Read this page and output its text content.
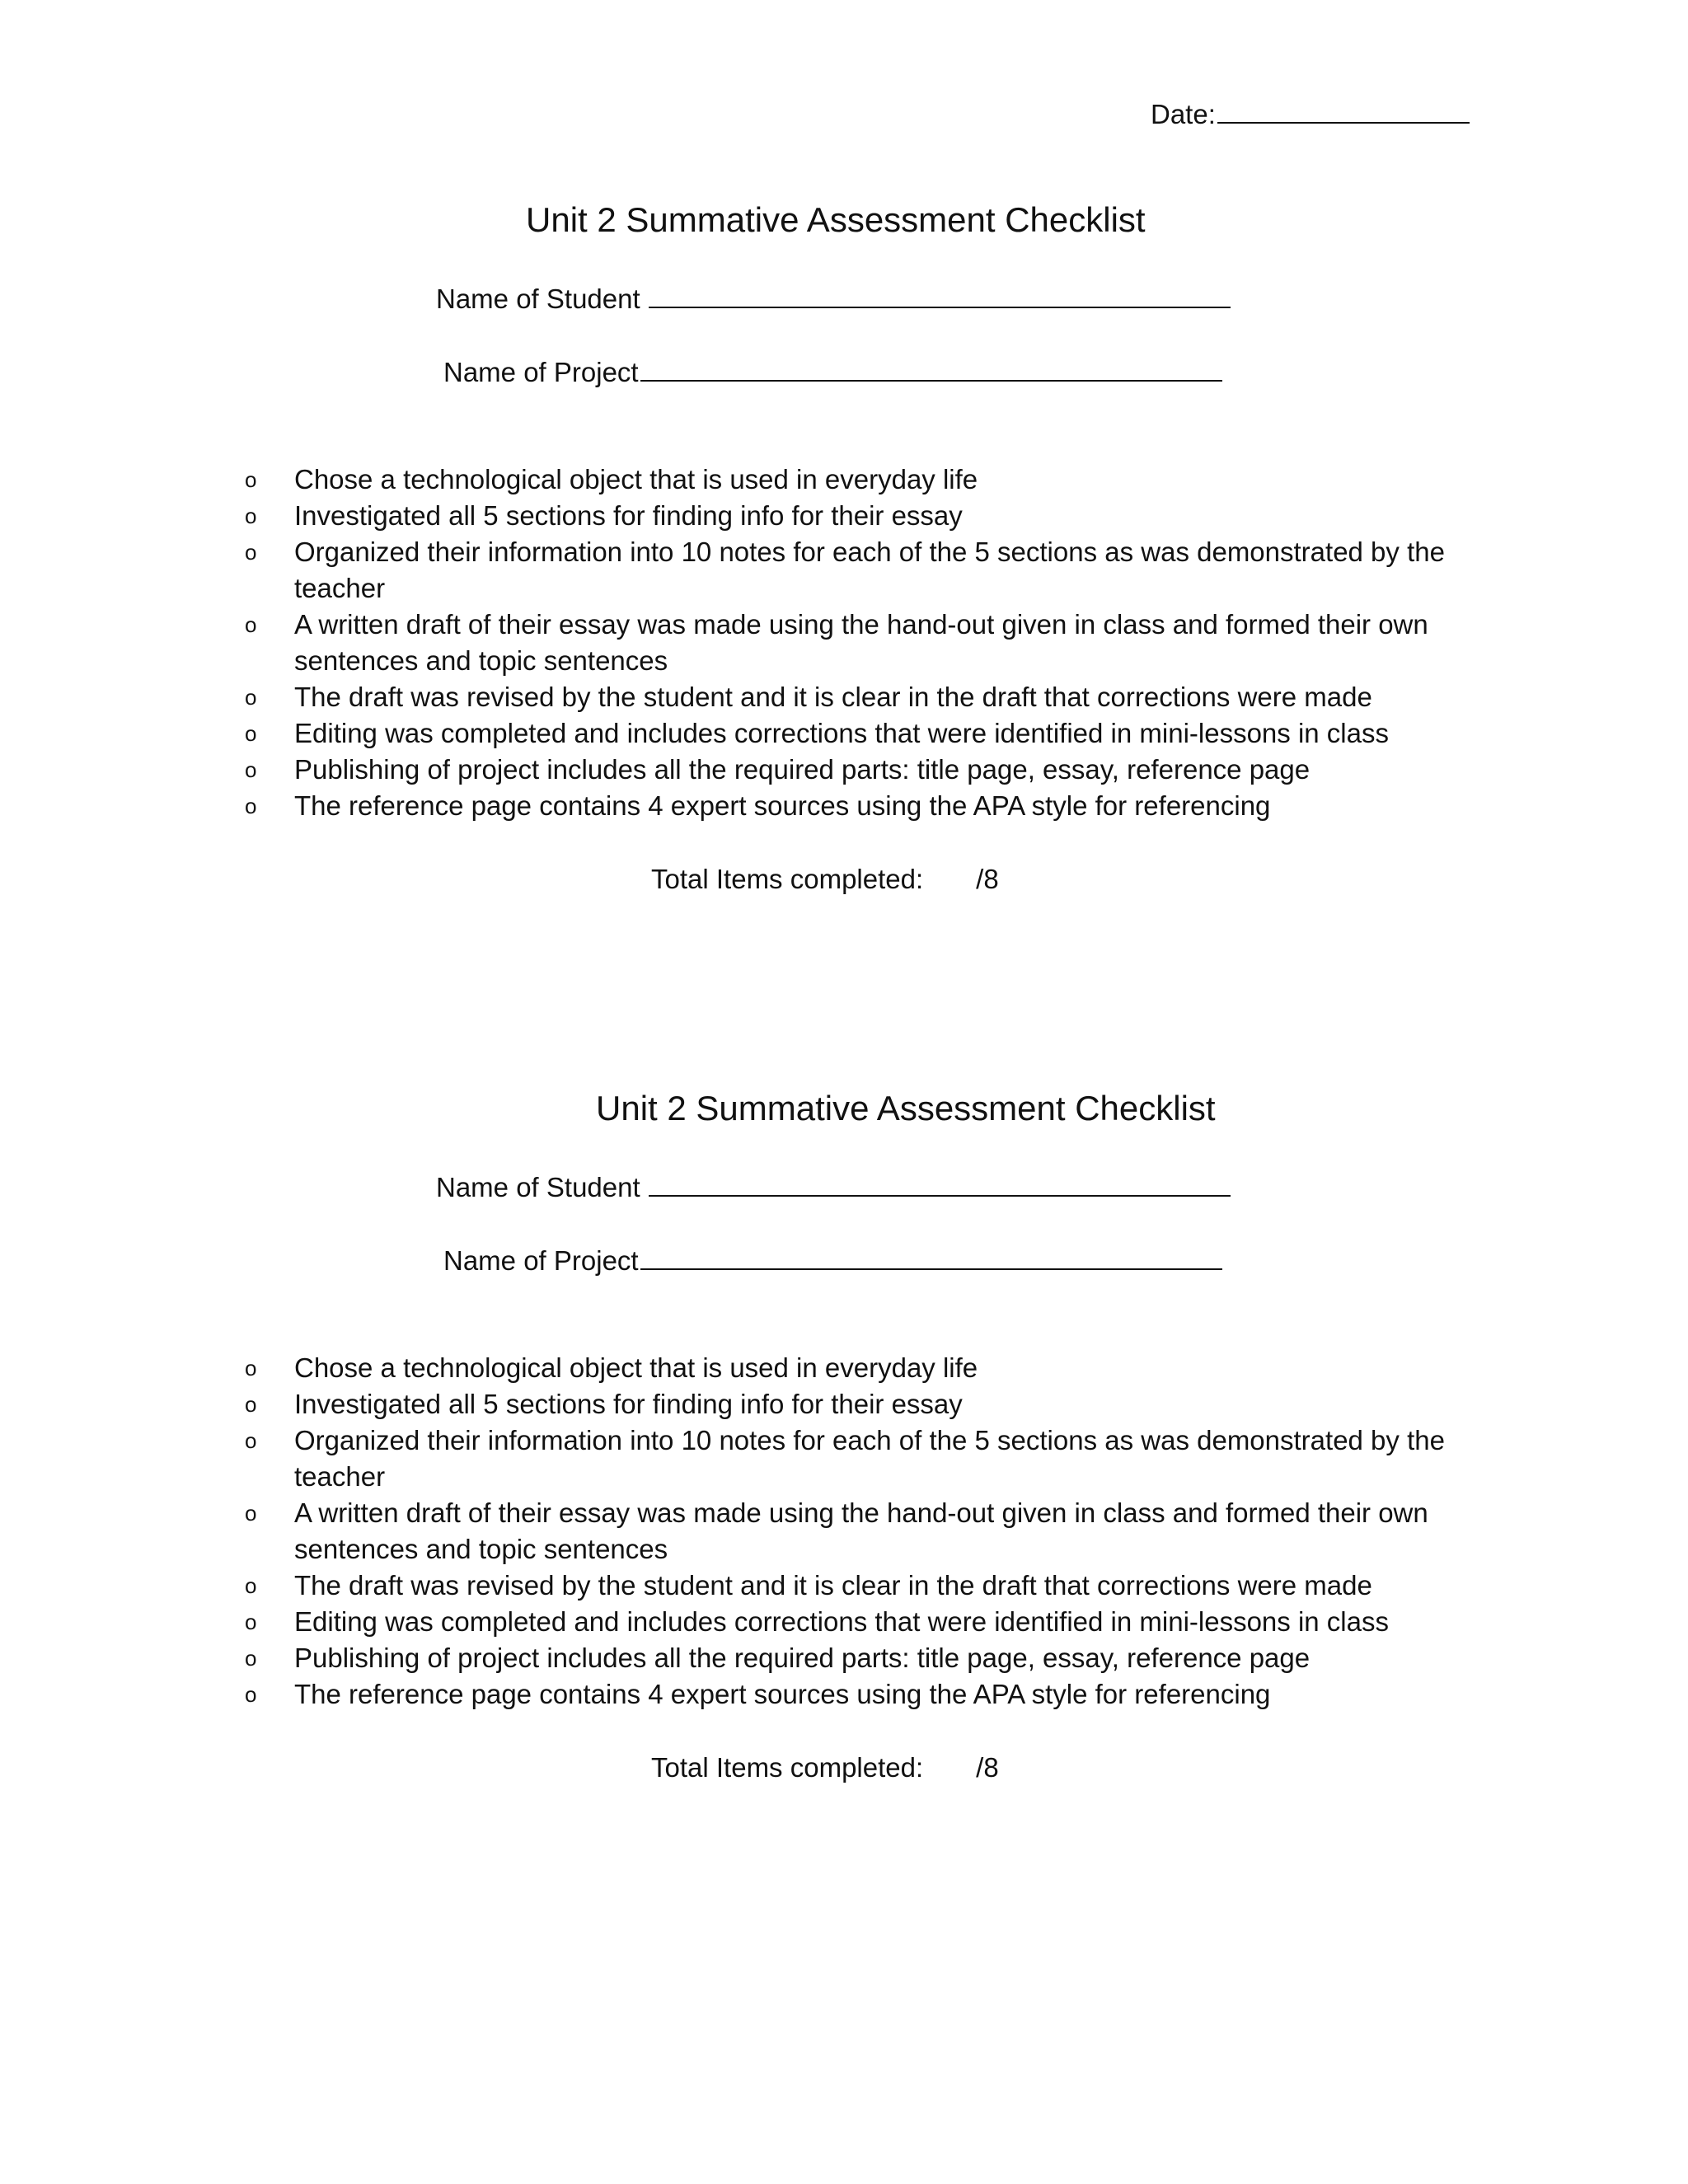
Date:
Unit 2 Summative Assessment Checklist
Name of Student
Name of Project
o Chose a technological object that is used in everyday life
o Investigated all 5 sections for finding info for their essay
o Organized their information into 10 notes for each of the 5 sections as was demonstrated by the teacher
o A written draft of their essay was made using the hand-out given in class and formed their own sentences and topic sentences
o The draft was revised by the student and it is clear in the draft that corrections were made
o Editing was completed and includes corrections that were identified in mini-lessons in class
o Publishing of project includes all the required parts: title page, essay, reference page
o The reference page contains 4 expert sources using the APA style for referencing
Total Items completed: /8
Unit 2 Summative Assessment Checklist
Name of Student
Name of Project
o Chose a technological object that is used in everyday life
o Investigated all 5 sections for finding info for their essay
o Organized their information into 10 notes for each of the 5 sections as was demonstrated by the teacher
o A written draft of their essay was made using the hand-out given in class and formed their own sentences and topic sentences
o The draft was revised by the student and it is clear in the draft that corrections were made
o Editing was completed and includes corrections that were identified in mini-lessons in class
o Publishing of project includes all the required parts: title page, essay, reference page
o The reference page contains 4 expert sources using the APA style for referencing
Total Items completed: /8
